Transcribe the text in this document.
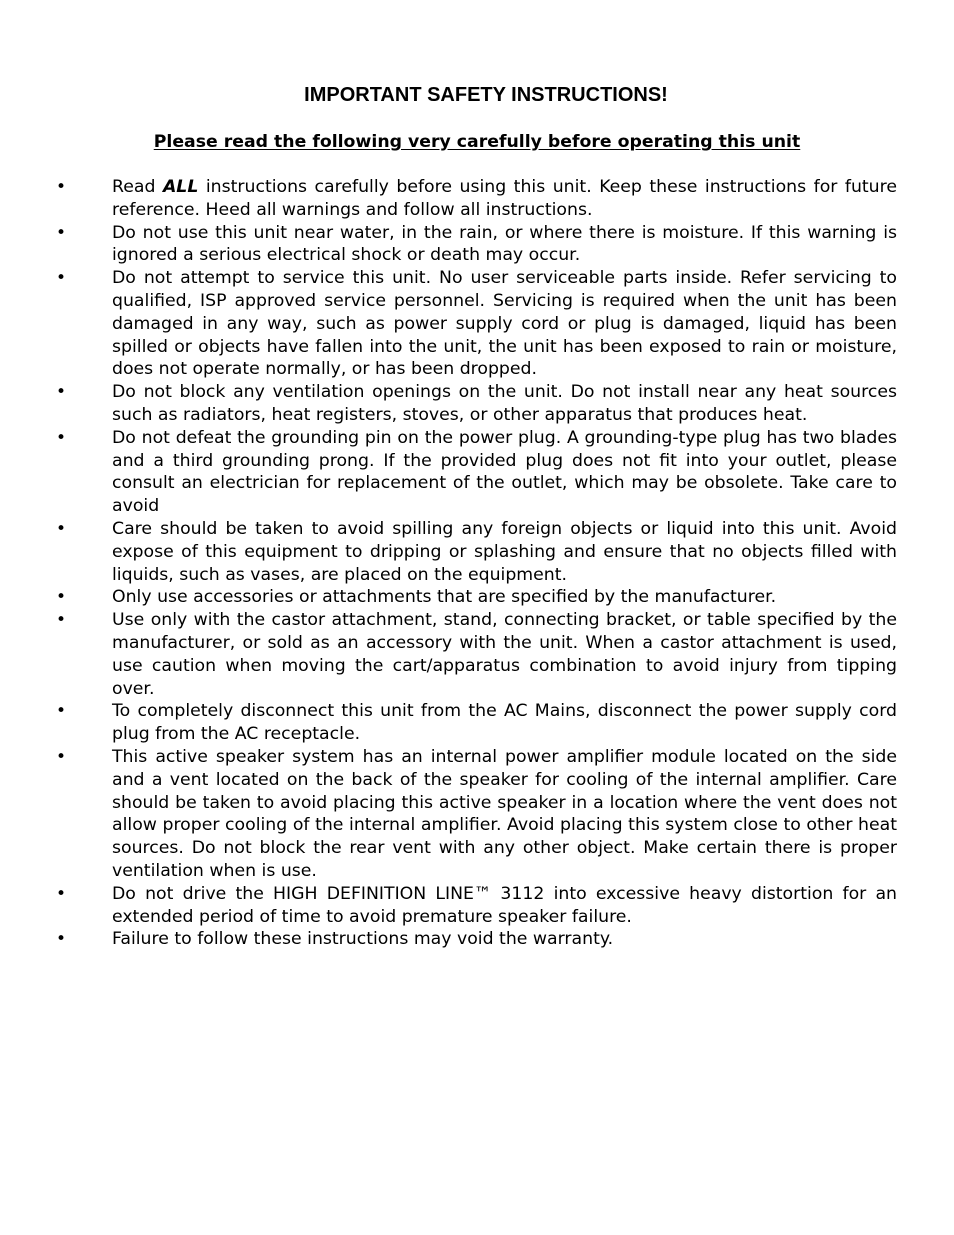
IMPORTANT SAFETY INSTRUCTIONS!
Please read the following very carefully before operating this unit
•	Read ALL instructions carefully before using this unit. Keep these instructions for future reference. Heed all warnings and follow all instructions.
•	Do not use this unit near water, in the rain, or where there is moisture. If this warning is ignored a serious electrical shock or death may occur.
•	Do not attempt to service this unit. No user serviceable parts inside. Refer servicing to qualified, ISP approved service personnel. Servicing is required when the unit has been damaged in any way, such as power supply cord or plug is damaged, liquid has been spilled or objects have fallen into the unit, the unit has been exposed to rain or moisture, does not operate normally, or has been dropped.
•	Do not block any ventilation openings on the unit. Do not install near any heat sources such as radiators, heat registers, stoves, or other apparatus that produces heat.
•	Do not defeat the grounding pin on the power plug. A grounding-type plug has two blades and a third grounding prong. If the provided plug does not fit into your outlet, please consult an electrician for replacement of the outlet, which may be obsolete. Take care to avoid
•	Care should be taken to avoid spilling any foreign objects or liquid into this unit. Avoid expose of this equipment to dripping or splashing and ensure that no objects filled with liquids, such as vases, are placed on the equipment.
•	Only use accessories or attachments that are specified by the manufacturer.
•	Use only with the castor attachment, stand, connecting bracket, or table specified by the manufacturer, or sold as an accessory with the unit. When a castor attachment is used, use caution when moving the cart/apparatus combination to avoid injury from tipping over.
•	To completely disconnect this unit from the AC Mains, disconnect the power supply cord plug from the AC receptacle.
•	This active speaker system has an internal power amplifier module located on the side and a vent located on the back of the speaker for cooling of the internal amplifier. Care should be taken to avoid placing this active speaker in a location where the vent does not allow proper cooling of the internal amplifier. Avoid placing this system close to other heat sources. Do not block the rear vent with any other object. Make certain there is proper ventilation when is use.
•	Do not drive the HIGH DEFINITION LINE™ 3112 into excessive heavy distortion for an extended period of time to avoid premature speaker failure.
•	Failure to follow these instructions may void the warranty.
